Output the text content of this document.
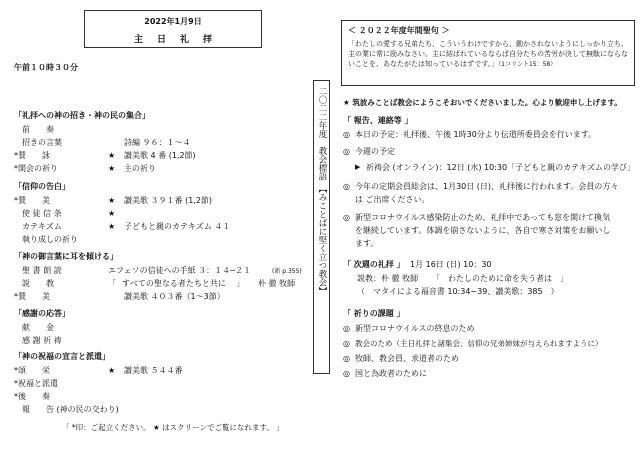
2022年1月9日
主日礼拝
午前１０時３０分
「礼拝への神の招き・神の民の集合」
　前　　奏
　招きの言葉	詩編 ９６：１～４
*賛　　詠	★ 讃美歌 4 番 (1,2節)
*開会の祈り	★ 主の祈り
「信仰の告白」
*賛　　美	★ 讃美歌 ３９１番 (1,2節)
　使 徒 信 条	★
　カテキズム	★ 子どもと親のカテキズム ４１
　執り成しの祈り
「神の御言葉に耳を傾ける」
　聖 書 朗 読	エフェソの信徒への手紙 ３：１４─２１	(新 p.355)
　説　　教	「 すべての聖なる者たちと共に　 」 朴 徹 牧師
*賛　　美	讃美歌 ４０３番（1〜3節）
「感謝の応答」
　献　　金
　感 謝 祈 祷
「神の祝福の宣言と派遣」
*頌　　栄	★ 讃美歌 ５４４番
*祝福と派遣
*後　　奏
　報　　告 (神の民の交わり)
「 *印：ご起立ください。 ★ はスクリーンでご覧になれます。 」
二〇二二年度　教会標語　【みことばに堅く立つ教会】
＜ ２０２２年度年間聖句 ＞
「わたしの愛する兄弟たち、こういうわけですから、動かされないようにしっかり立ち、主の業に常に励みなさい。主に結ばれているならば自分たちの苦労が決して無駄にならないことを、あなたがたは知っているはずです。」（1コリント15：58）
★ 筑波みことば教会にようこそおいでくださいました。心より歓迎申し上げます。
「 報告、連絡等 」
◎ 本日の予定：礼拝後、午後 1時30分より伝道所委員会を行います。
◎ 今週の予定
▶ 祈祷会 (オンライン)：12日 (水) 10:30「子どもと親のカテキズムの学び」
◎ 今年の定期会員総会は、1月30日 (日)、礼拝後に行われます。会員の方々
は ご出席ください。
◎ 新型コロナウイルス感染防止のため、礼拝中であっても窓を開けて換気
を継続しています。体調を崩さないように、各自で寒さ対策をお願いし
ます。
「 次週の礼拝 」 1月 16日 (日) 10：30
説教：朴 徹 牧師 「　わたしのために命を失う者は　」
（　マタイによる福音書 10:34−39、讃美歌：385　）
「 祈りの課題 」
◎ 新型コロナウイルスの終息のため
◎ 教会のため（主日礼拝と諸集会、信仰の兄弟姉妹が与えられますように）
◎ 牧師、教会員、求道者のため
◎ 国と為政者のために
